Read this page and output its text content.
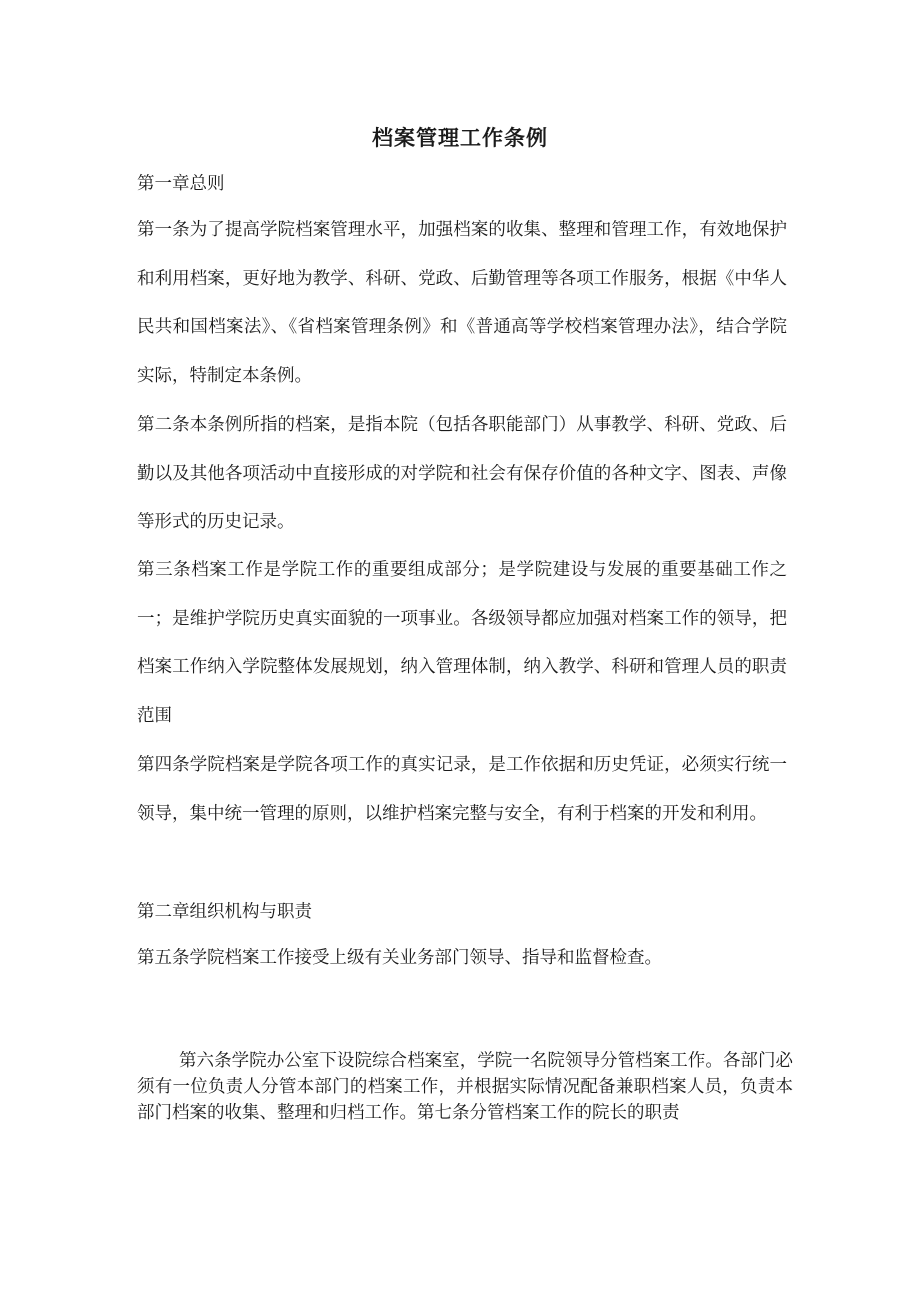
档案管理工作条例
第一章总则
第一条为了提高学院档案管理水平，加强档案的收集、整理和管理工作，有效地保护和利用档案，更好地为教学、科研、党政、后勤管理等各项工作服务，根据《中华人民共和国档案法》、《省档案管理条例》和《普通高等学校档案管理办法》，结合学院实际，特制定本条例。
第二条本条例所指的档案，是指本院（包括各职能部门）从事教学、科研、党政、后勤以及其他各项活动中直接形成的对学院和社会有保存价值的各种文字、图表、声像等形式的历史记录。
第三条档案工作是学院工作的重要组成部分；是学院建设与发展的重要基础工作之一；是维护学院历史真实面貌的一项事业。各级领导都应加强对档案工作的领导，把档案工作纳入学院整体发展规划，纳入管理体制，纳入教学、科研和管理人员的职责范围
第四条学院档案是学院各项工作的真实记录，是工作依据和历史凭证，必须实行统一领导，集中统一管理的原则，以维护档案完整与安全，有利于档案的开发和利用。
第二章组织机构与职责
第五条学院档案工作接受上级有关业务部门领导、指导和监督检查。
第六条学院办公室下设院综合档案室，学院一名院领导分管档案工作。各部门必须有一位负责人分管本部门的档案工作，并根据实际情况配备兼职档案人员，负责本部门档案的收集、整理和归档工作。第七条分管档案工作的院长的职责
